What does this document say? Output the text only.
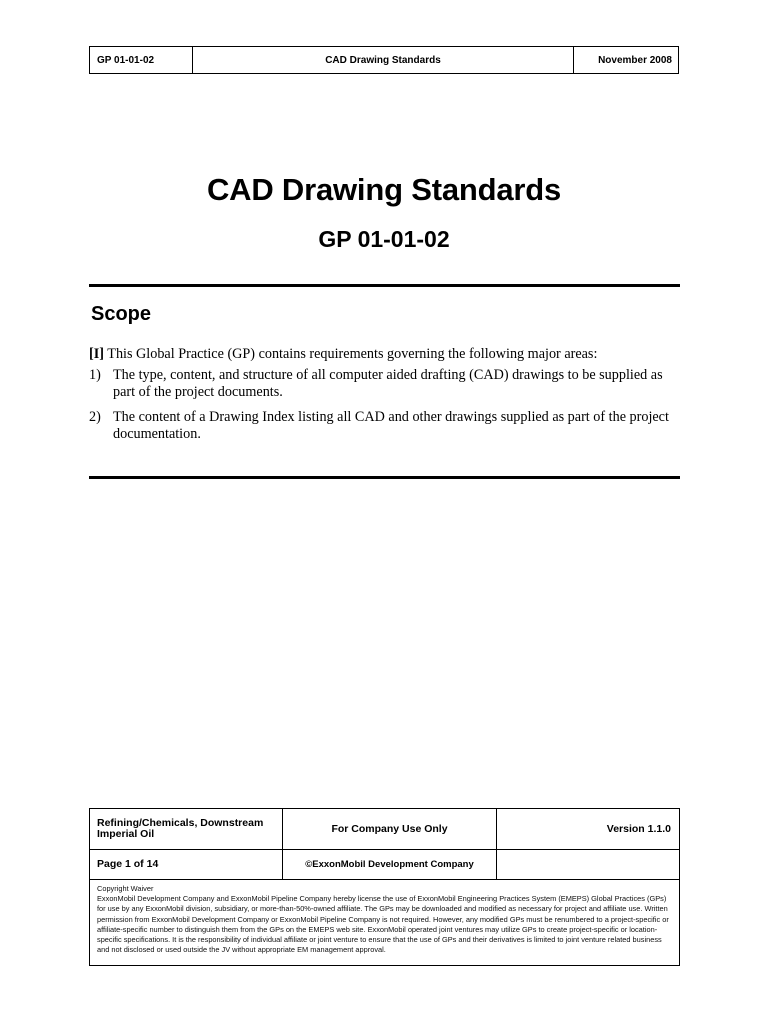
GP 01-01-02	CAD Drawing Standards	November 2008
CAD Drawing Standards
GP 01-01-02
Scope
[I] This Global Practice (GP) contains requirements governing the following major areas:
1) The type, content, and structure of all computer aided drafting (CAD) drawings to be supplied as part of the project documents.
2) The content of a Drawing Index listing all CAD and other drawings supplied as part of the project documentation.
Refining/Chemicals, Downstream
Imperial Oil	For Company Use Only	Version 1.1.0
Page 1 of 14	©ExxonMobil Development Company

Copyright Waiver

ExxonMobil Development Company and ExxonMobil Pipeline Company hereby license the use of ExxonMobil Engineering Practices System (EMEPS) Global Practices (GPs) for use by any ExxonMobil division, subsidiary, or more-than-50%-owned affiliate. The GPs may be downloaded and modified as necessary for project and affiliate use. Written permission from ExxonMobil Development Company or ExxonMobil Pipeline Company is not required. However, any modified GPs must be renumbered to a project-specific or affiliate-specific number to distinguish them from the GPs on the EMEPS web site. ExxonMobil operated joint ventures may utilize GPs to create project-specific or location-specific specifications. It is the responsibility of individual affiliate or joint venture to ensure that the use of GPs and their derivatives is limited to joint venture related business and not disclosed or used outside the JV without appropriate EM management approval.
